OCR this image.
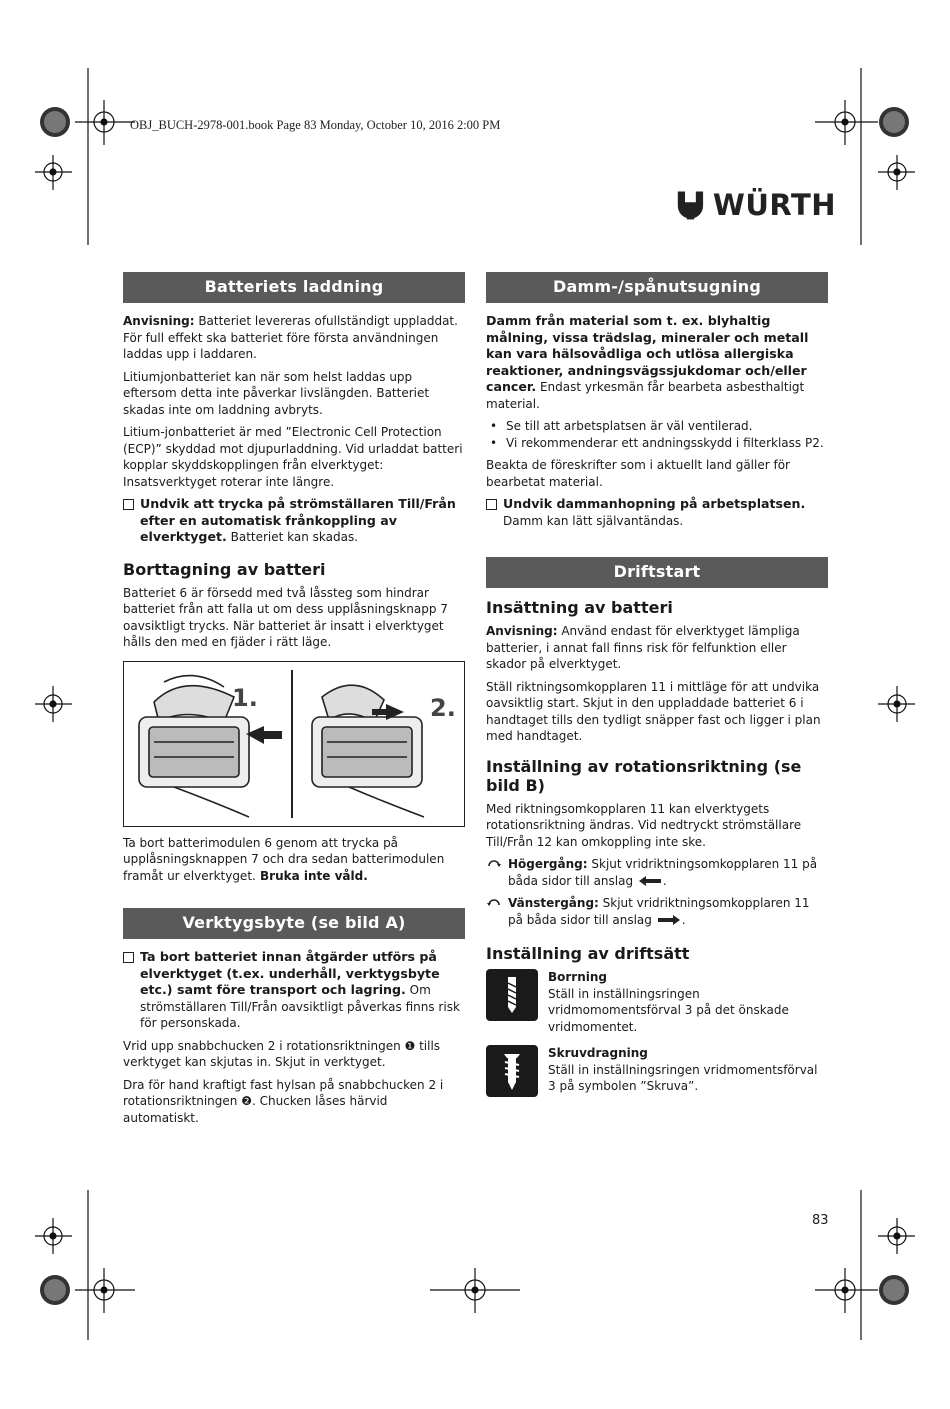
OBJ_BUCH-2978-001.book Page 83 Monday, October 10, 2016 2:00 PM
WÜRTH
Batteriets laddning

Anvisning: Batteriet levereras ofullständigt uppladdat. För full effekt ska batteriet före första användningen laddas upp i laddaren.

Litiumjonbatteriet kan när som helst laddas upp eftersom detta inte påverkar livslängden. Batteriet skadas inte om laddning avbryts.

Litium-jonbatteriet är med ”Electronic Cell Protection (ECP)” skyddad mot djupurladdning. Vid urladdat batteri kopplar skyddskopplingen från elverktyget: Insatsverktyget roterar inte längre.

Undvik att trycka på strömställaren Till/Från efter en automatisk frånkoppling av elverktyget. Batteriet kan skadas.
Borttagning av batteri

Batteriet 6 är försedd med två låssteg som hindrar batteriet från att falla ut om dess upplåsningsknapp 7 oavsiktligt trycks. När batteriet är insatt i elverktyget hålls den med en fjäder i rätt läge.

1.	2.

Ta bort batterimodulen 6 genom att trycka på upplåsningsknappen 7 och dra sedan batterimodulen framåt ur elverktyget. Bruka inte våld.

Verktygsbyte (se bild A)
Ta bort batteriet innan åtgärder utförs på elverktyget (t.ex. underhåll, verktygsbyte etc.) samt före transport och lagring. Om strömställaren Till/Från oavsiktligt påverkas finns risk för personskada.

Vrid upp snabbchucken 2 i rotationsriktningen ❶ tills verktyget kan skjutas in. Skjut in verktyget.

Dra för hand kraftigt fast hylsan på snabbchucken 2 i rotationsriktningen ❷. Chucken låses härvid automatiskt.

Damm-/spånutsugning

Damm från material som t. ex. blyhaltig målning, vissa trädslag, mineraler och metall kan vara hälsovådliga och utlösa allergiska reaktioner, andningsvägssjukdomar och/eller cancer. Endast yrkesmän får bearbeta asbesthaltigt material.

• Se till att arbetsplatsen är väl ventilerad.
• Vi rekommenderar ett andningsskydd i filterklass P2.

Beakta de föreskrifter som i aktuellt land gäller för bearbetat material.

Undvik dammanhopning på arbetsplatsen. Damm kan lätt självantändas.
Driftstart
Insättning av batteri

Anvisning: Använd endast för elverktyget lämpliga batterier, i annat fall finns risk för felfunktion eller skador på elverktyget.

Ställ riktningsomkopplaren 11 i mittläge för att undvika oavsiktlig start. Skjut in den uppladdade batteriet 6 i handtaget tills den tydligt snäpper fast och ligger i plan med handtaget.

Inställning av rotationsriktning (se bild B)

Med riktningsomkopplaren 11 kan elverktygets rotationsriktning ändras. Vid nedtryckt strömställare Till/Från 12 kan omkoppling inte ske.

Högergång: Skjut vridriktningsomkopplaren 11 på båda sidor till anslag .
Vänstergång: Skjut vridriktningsomkopplaren 11 på båda sidor till anslag .
Inställning av driftsätt
Borrning
Ställ in inställningsringen vridmomomentsförval 3 på det önskade vridmomentet.
Skruvdragning
Ställ in inställningsringen vridmomentsförval 3 på symbolen ”Skruva”.
83
